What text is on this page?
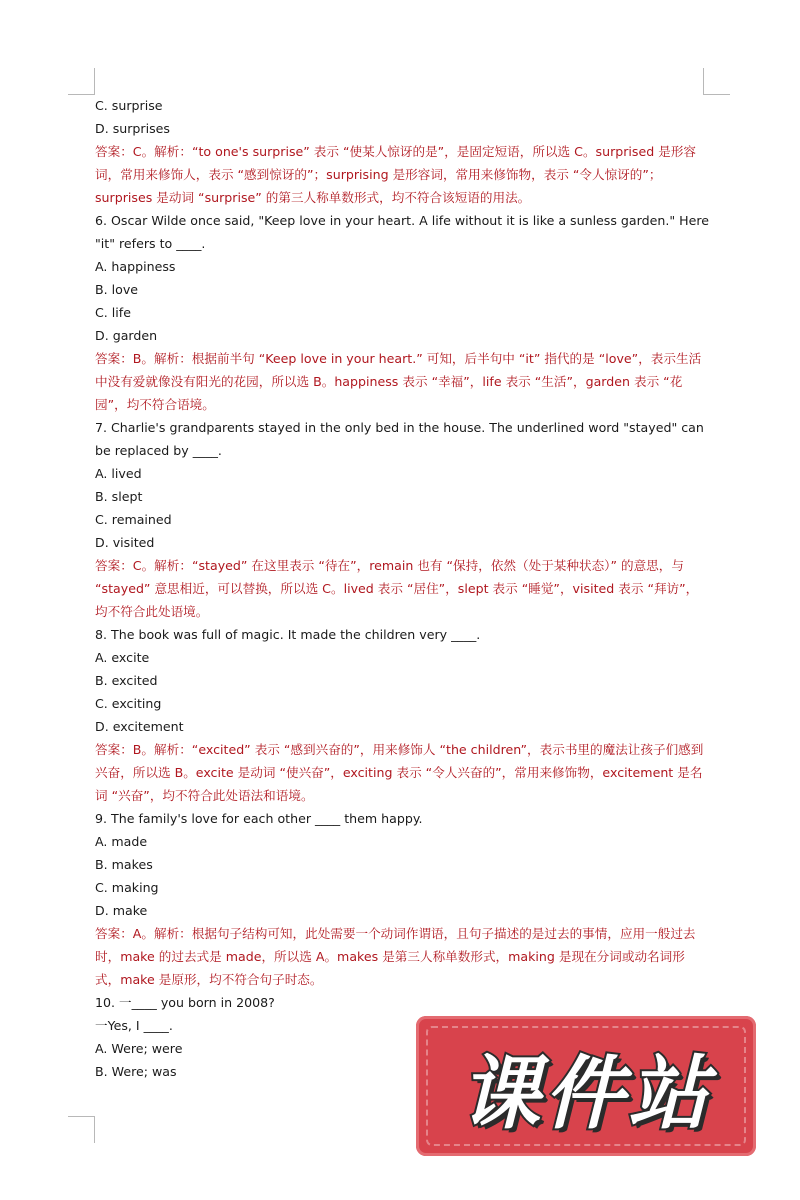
C. surprise
D. surprises
答案：C。解析：“to one's surprise” 表示 “使某人惊讶的是”，是固定短语，所以选 C。surprised 是形容词，常用来修饰人，表示 “感到惊讶的”；surprising 是形容词，常用来修饰物，表示 “令人惊讶的”；surprises 是动词 “surprise” 的第三人称单数形式，均不符合该短语的用法。
6. Oscar Wilde once said, "Keep love in your heart. A life without it is like a sunless garden." Here
"it" refers to ____.
A. happiness
B. love
C. life
D. garden
答案：B。解析：根据前半句 “Keep love in your heart.” 可知，后半句中 “it” 指代的是 “love”，表示生活中没有爱就像没有阳光的花园，所以选 B。happiness 表示 “幸福”，life 表示 “生活”，garden 表示 “花园”，均不符合语境。
7. Charlie's grandparents stayed in the only bed in the house. The underlined word "stayed" can
be replaced by ____.
A. lived
B. slept
C. remained
D. visited
答案：C。解析：“stayed” 在这里表示 “待在”，remain 也有 “保持，依然（处于某种状态）” 的意思，与 “stayed” 意思相近，可以替换，所以选 C。lived 表示 “居住”，slept 表示 “睡觉”，visited 表示 “拜访”，均不符合此处语境。
8. The book was full of magic. It made the children very ____.
A. excite
B. excited
C. exciting
D. excitement
答案：B。解析：“excited” 表示 “感到兴奋的”，用来修饰人 “the children”，表示书里的魔法让孩子们感到兴奋，所以选 B。excite 是动词 “使兴奋”，exciting 表示 “令人兴奋的”，常用来修饰物，excitement 是名词 “兴奋”，均不符合此处语法和语境。
9. The family's love for each other ____ them happy.
A. made
B. makes
C. making
D. make
答案：A。解析：根据句子结构可知，此处需要一个动词作谓语，且句子描述的是过去的事情，应用一般过去时，make 的过去式是 made，所以选 A。makes 是第三人称单数形式，making 是现在分词或动名词形式，make 是原形，均不符合句子时态。
10. 一____ you born in 2008?
一Yes, I ____.
A. Were; were
B. Were; was	课件站
